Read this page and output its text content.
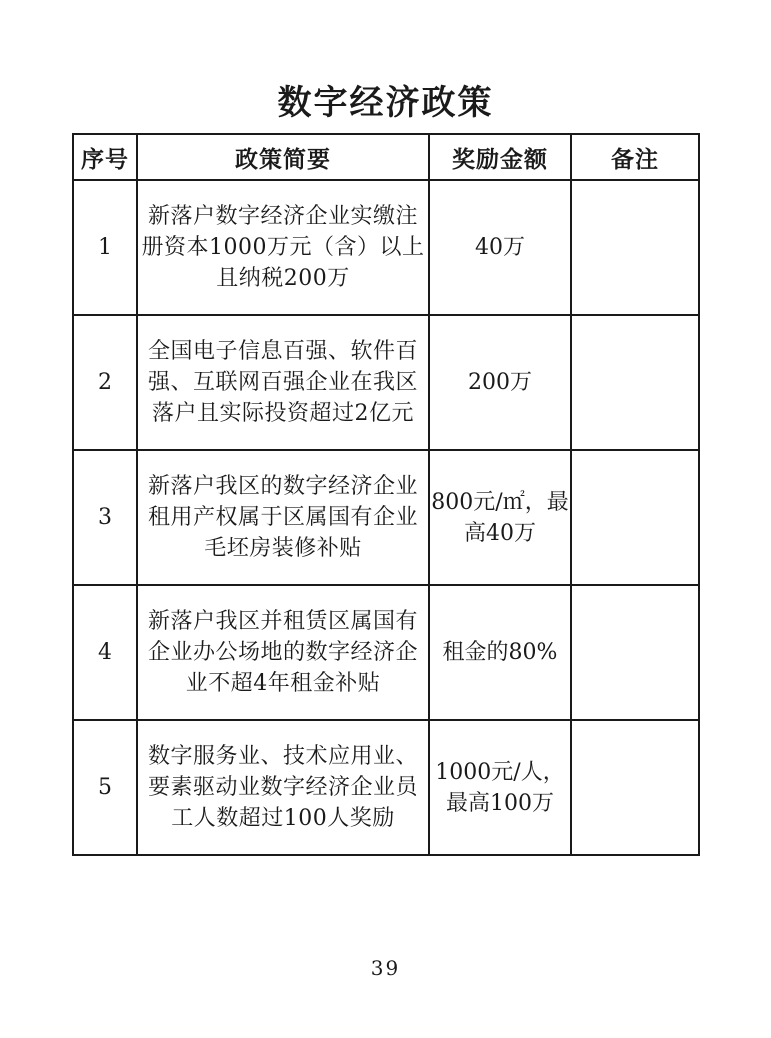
数字经济政策
序号	政策简要	奖励金额	备注
1	新落户数字经济企业实缴注册资本1000万元（含）以上且纳税200万	40万	
2	全国电子信息百强、软件百强、互联网百强企业在我区落户且实际投资超过2亿元	200万	
3	新落户我区的数字经济企业租用产权属于区属国有企业毛坯房装修补贴	800元/㎡，最高40万	
4	新落户我区并租赁区属国有企业办公场地的数字经济企业不超4年租金补贴	租金的80%	
5	数字服务业、技术应用业、要素驱动业数字经济企业员工人数超过100人奖励	1000元/人，最高100万	
39
